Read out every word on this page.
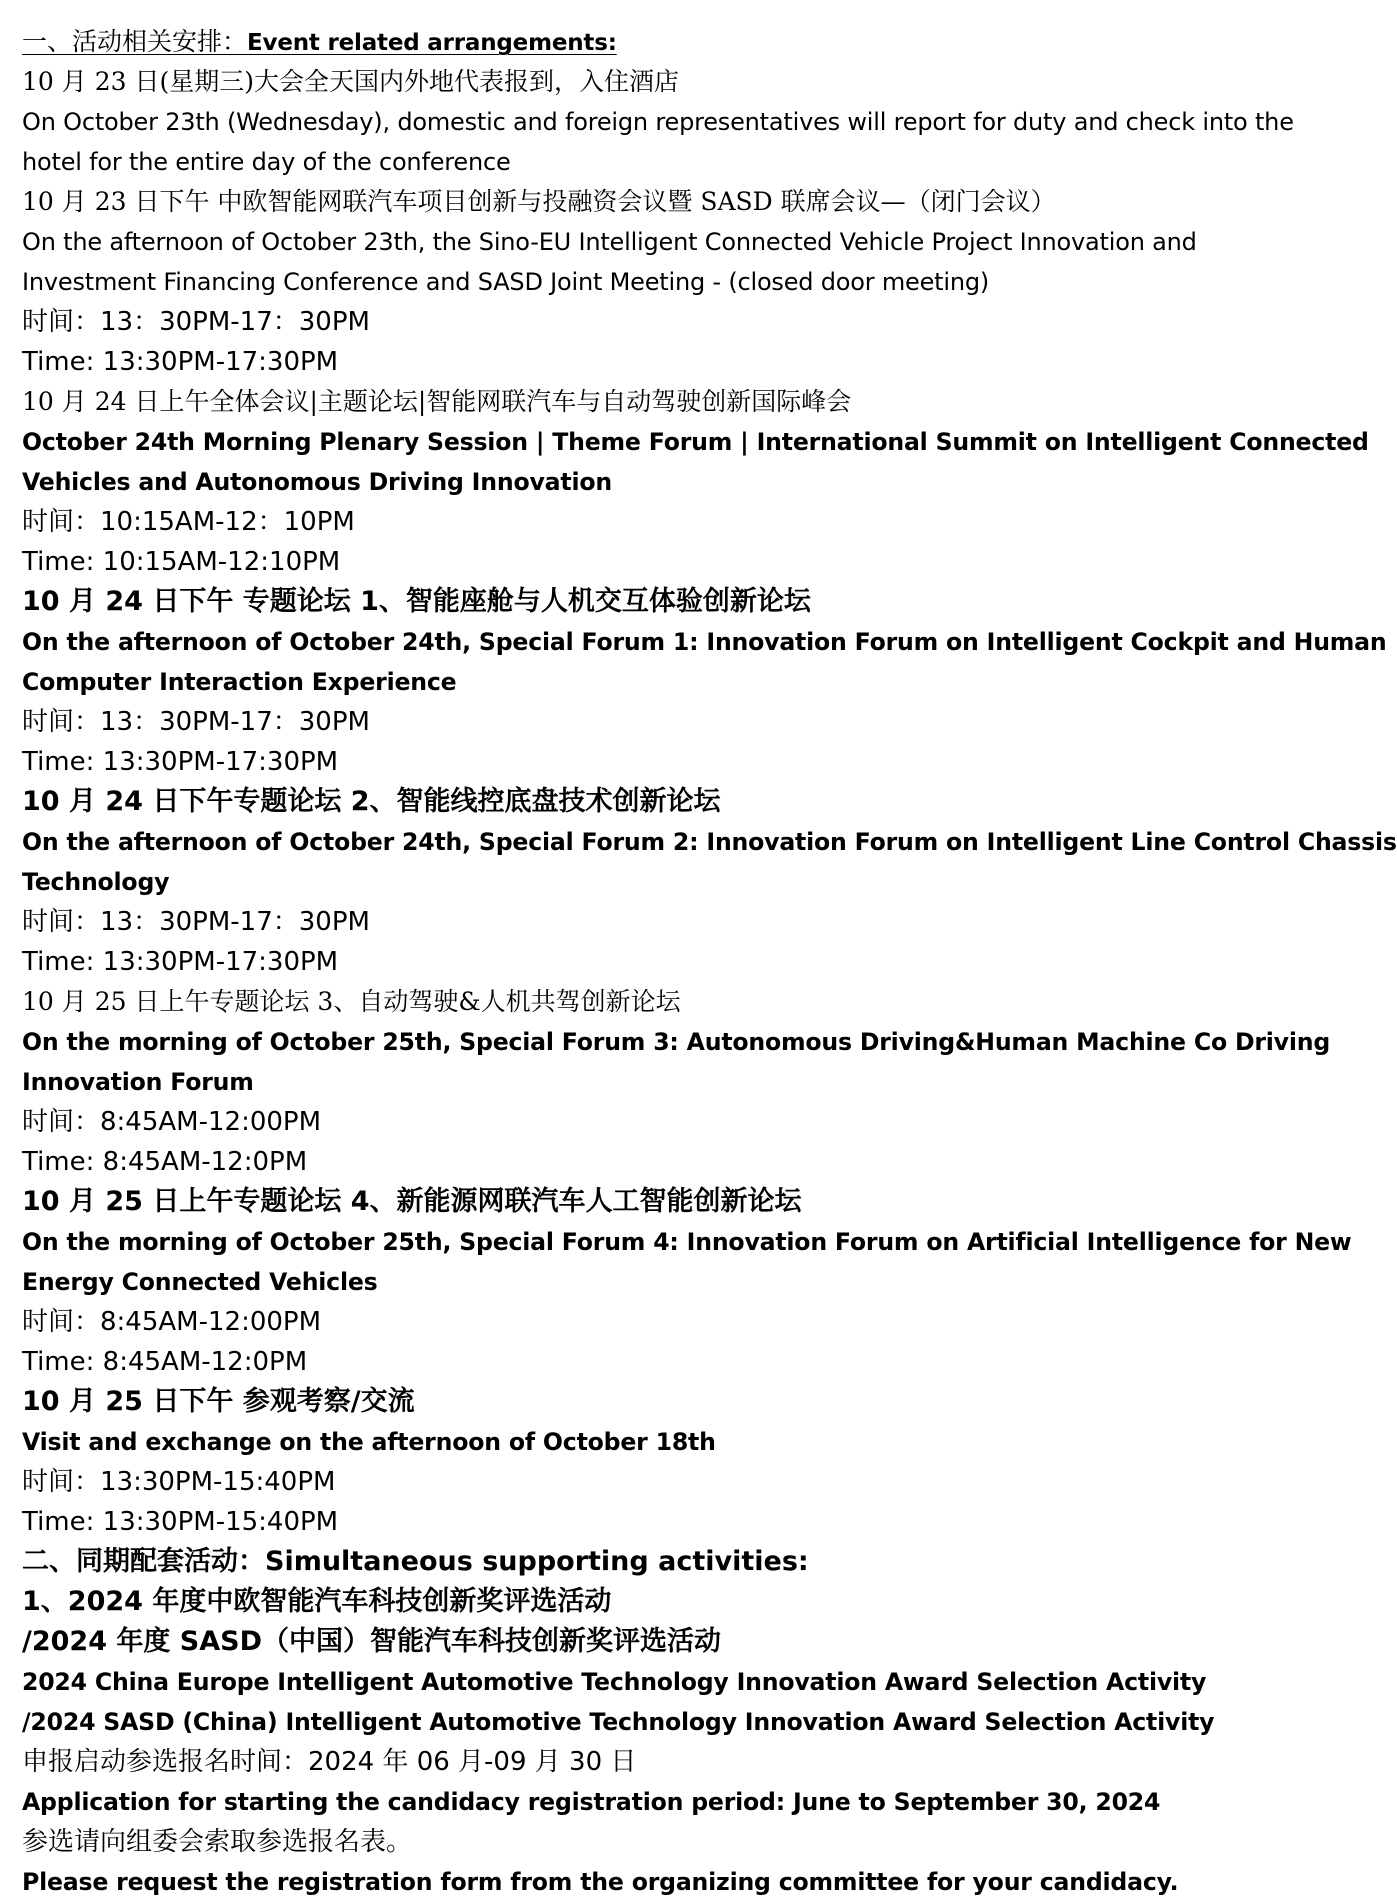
一、活动相关安排：Event related arrangements:
10 月 23 日(星期三)大会全天国内外地代表报到，入住酒店
On October 23th (Wednesday), domestic and foreign representatives will report for duty and check into the
hotel for the entire day of the conference
10 月 23 日下午 中欧智能网联汽车项目创新与投融资会议暨 SASD 联席会议—（闭门会议）
On the afternoon of October 23th, the Sino-EU Intelligent Connected Vehicle Project Innovation and
Investment Financing Conference and SASD Joint Meeting - (closed door meeting)
时间：13：30PM-17：30PM
Time: 13:30PM-17:30PM
10 月 24 日上午全体会议|主题论坛|智能网联汽车与自动驾驶创新国际峰会
October 24th Morning Plenary Session | Theme Forum | International Summit on Intelligent Connected
Vehicles and Autonomous Driving Innovation
时间：10:15AM-12：10PM
Time: 10:15AM-12:10PM
10 月 24 日下午 专题论坛 1、智能座舱与人机交互体验创新论坛
On the afternoon of October 24th, Special Forum 1: Innovation Forum on Intelligent Cockpit and Human
Computer Interaction Experience
时间：13：30PM-17：30PM
Time: 13:30PM-17:30PM
10 月 24 日下午专题论坛 2、智能线控底盘技术创新论坛
On the afternoon of October 24th, Special Forum 2: Innovation Forum on Intelligent Line Control Chassis
Technology
时间：13：30PM-17：30PM
Time: 13:30PM-17:30PM
10 月 25 日上午专题论坛 3、自动驾驶&人机共驾创新论坛
On the morning of October 25th, Special Forum 3: Autonomous Driving&Human Machine Co Driving
Innovation Forum
时间：8:45AM-12:00PM
Time: 8:45AM-12:0PM
10 月 25 日上午专题论坛 4、新能源网联汽车人工智能创新论坛
On the morning of October 25th, Special Forum 4: Innovation Forum on Artificial Intelligence for New
Energy Connected Vehicles
时间：8:45AM-12:00PM
Time: 8:45AM-12:0PM
10 月 25 日下午 参观考察/交流
Visit and exchange on the afternoon of October 18th
时间：13:30PM-15:40PM
Time: 13:30PM-15:40PM
二、同期配套活动：Simultaneous supporting activities:
1、2024 年度中欧智能汽车科技创新奖评选活动
/2024 年度 SASD（中国）智能汽车科技创新奖评选活动
2024 China Europe Intelligent Automotive Technology Innovation Award Selection Activity
/2024 SASD (China) Intelligent Automotive Technology Innovation Award Selection Activity
申报启动参选报名时间：2024 年 06 月-09 月 30 日
Application for starting the candidacy registration period: June to September 30, 2024
参选请向组委会索取参选报名表。
Please request the registration form from the organizing committee for your candidacy.
